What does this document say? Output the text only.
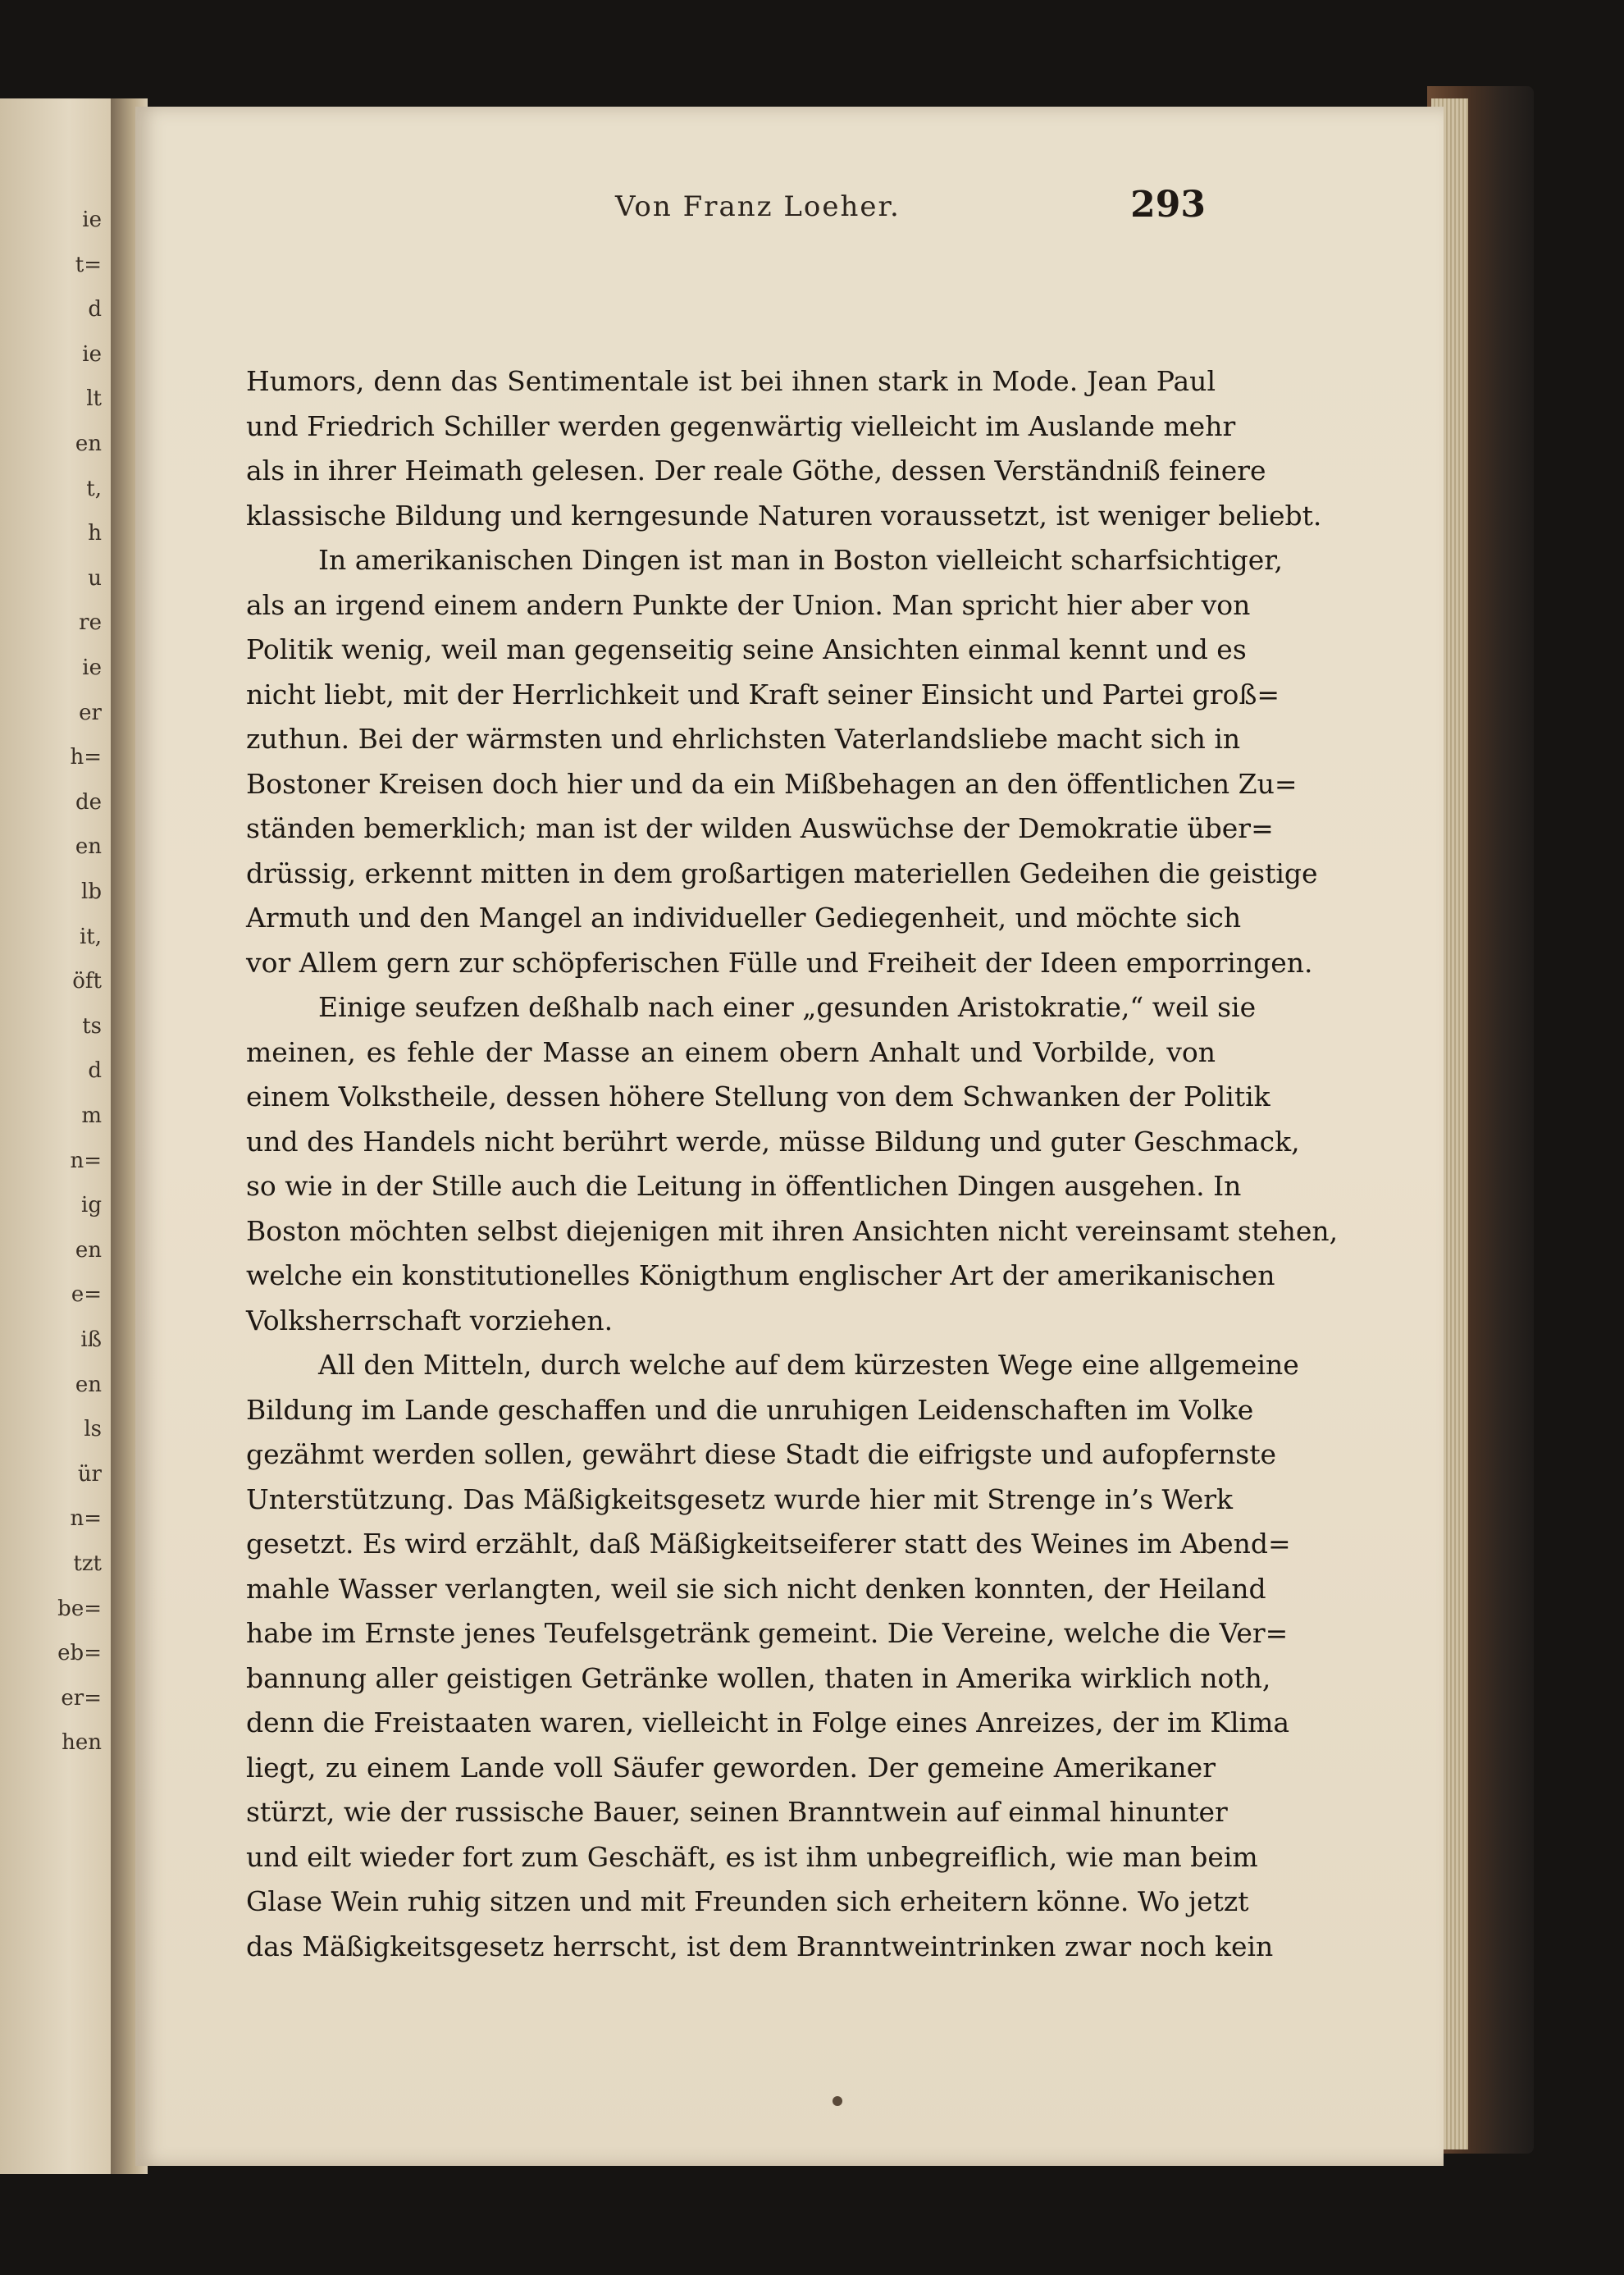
ie
t=
d
ie
lt
en
t,
h
u
re
ie
er
h=
de
en
lb
it,
öft
ts
d
m
n=
ig
en
e=
iß
en
ls
ür
n=
tzt
be=
eb=
er=
hen
Von Franz Loeher.	293
Humors, denn das Sentimentale ist bei ihnen stark in Mode. Jean Paul
und Friedrich Schiller werden gegenwärtig vielleicht im Auslande mehr
als in ihrer Heimath gelesen. Der reale Göthe, dessen Verständniß feinere
klassische Bildung und kerngesunde Naturen voraussetzt, ist weniger beliebt.
In amerikanischen Dingen ist man in Boston vielleicht scharfsichtiger,
als an irgend einem andern Punkte der Union. Man spricht hier aber von
Politik wenig, weil man gegenseitig seine Ansichten einmal kennt und es
nicht liebt, mit der Herrlichkeit und Kraft seiner Einsicht und Partei groß=
zuthun. Bei der wärmsten und ehrlichsten Vaterlandsliebe macht sich in
Bostoner Kreisen doch hier und da ein Mißbehagen an den öffentlichen Zu=
ständen bemerklich; man ist der wilden Auswüchse der Demokratie über=
drüssig, erkennt mitten in dem großartigen materiellen Gedeihen die geistige
Armuth und den Mangel an individueller Gediegenheit, und möchte sich
vor Allem gern zur schöpferischen Fülle und Freiheit der Ideen emporringen.
Einige seufzen deßhalb nach einer „gesunden Aristokratie,“ weil sie
meinen, es fehle der Masse an einem obern Anhalt und Vorbilde, von
einem Volkstheile, dessen höhere Stellung von dem Schwanken der Politik
und des Handels nicht berührt werde, müsse Bildung und guter Geschmack,
so wie in der Stille auch die Leitung in öffentlichen Dingen ausgehen. In
Boston möchten selbst diejenigen mit ihren Ansichten nicht vereinsamt stehen,
welche ein konstitutionelles Königthum englischer Art der amerikanischen
Volksherrschaft vorziehen.
All den Mitteln, durch welche auf dem kürzesten Wege eine allgemeine
Bildung im Lande geschaffen und die unruhigen Leidenschaften im Volke
gezähmt werden sollen, gewährt diese Stadt die eifrigste und aufopfernste
Unterstützung. Das Mäßigkeitsgesetz wurde hier mit Strenge in’s Werk
gesetzt. Es wird erzählt, daß Mäßigkeitseiferer statt des Weines im Abend=
mahle Wasser verlangten, weil sie sich nicht denken konnten, der Heiland
habe im Ernste jenes Teufelsgetränk gemeint. Die Vereine, welche die Ver=
bannung aller geistigen Getränke wollen, thaten in Amerika wirklich noth,
denn die Freistaaten waren, vielleicht in Folge eines Anreizes, der im Klima
liegt, zu einem Lande voll Säufer geworden. Der gemeine Amerikaner
stürzt, wie der russische Bauer, seinen Branntwein auf einmal hinunter
und eilt wieder fort zum Geschäft, es ist ihm unbegreiflich, wie man beim
Glase Wein ruhig sitzen und mit Freunden sich erheitern könne. Wo jetzt
das Mäßigkeitsgesetz herrscht, ist dem Branntweintrinken zwar noch kein
